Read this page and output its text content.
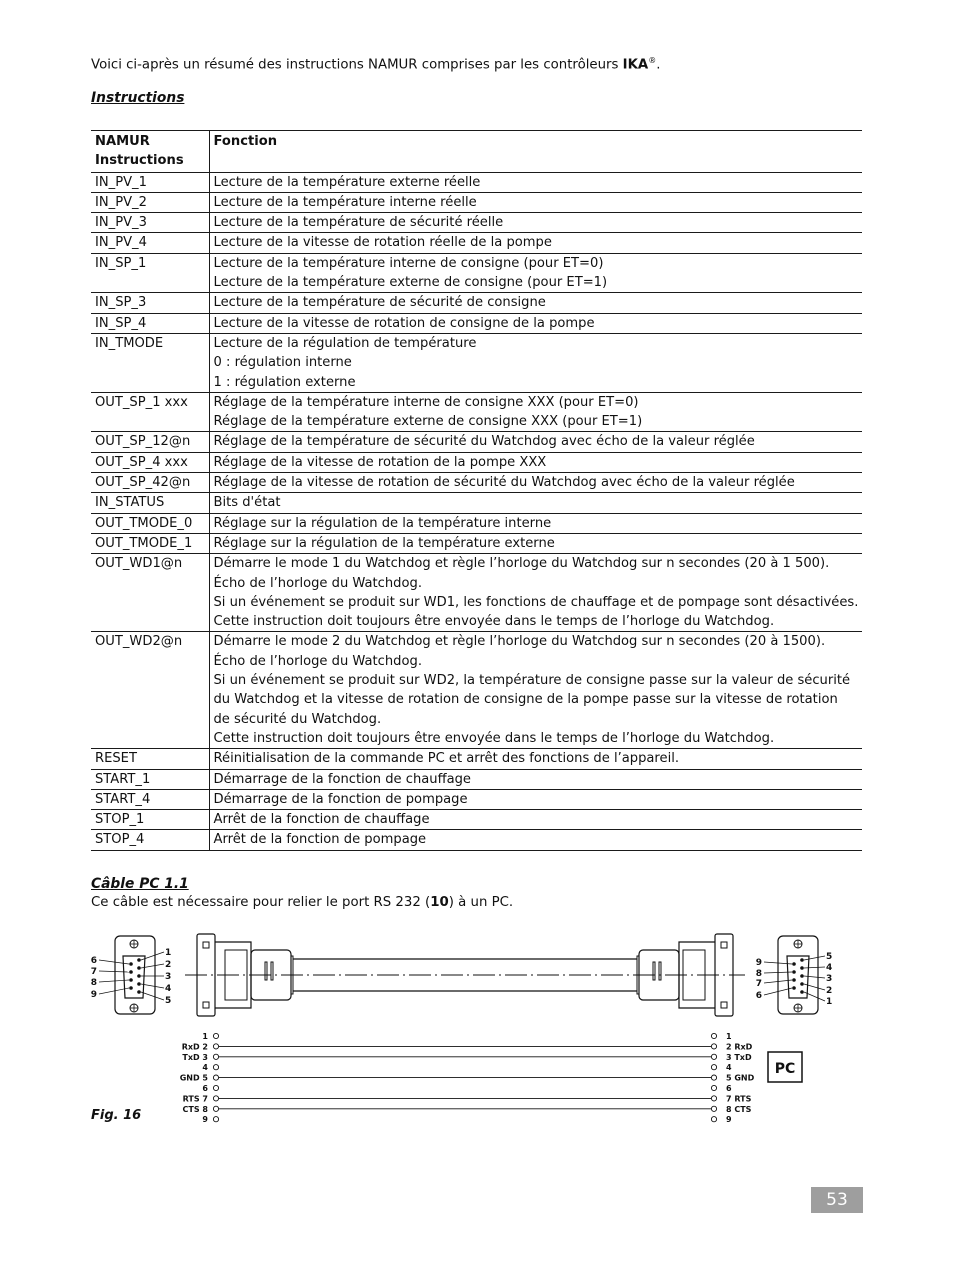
Voici ci-après un résumé des instructions NAMUR comprises par les contrôleurs IKA®.
Instructions
NAMUR
Instructions	Fonction
IN_PV_1	Lecture de la température externe réelle

IN_PV_2	Lecture de la température interne réelle

IN_PV_3	Lecture de la température de sécurité réelle

IN_PV_4	Lecture de la vitesse de rotation réelle de la pompe

IN_SP_1	Lecture de la température interne de consigne (pour ET=0)
Lecture de la température externe de consigne (pour ET=1)

IN_SP_3	Lecture de la température de sécurité de consigne

IN_SP_4	Lecture de la vitesse de rotation de consigne de la pompe

IN_TMODE	Lecture de la régulation de température
0 : régulation interne
1 : régulation externe

OUT_SP_1 xxx	Réglage de la température interne de consigne XXX (pour ET=0)
Réglage de la température externe de consigne XXX (pour ET=1)

OUT_SP_12@n	Réglage de la température de sécurité du Watchdog avec écho de la valeur réglée

OUT_SP_4 xxx	Réglage de la vitesse de rotation de la pompe XXX

OUT_SP_42@n	Réglage de la vitesse de rotation de sécurité du Watchdog avec écho de la valeur réglée

IN_STATUS	Bits d'état

OUT_TMODE_0	Réglage sur la régulation de la température interne

OUT_TMODE_1	Réglage sur la régulation de la température externe

OUT_WD1@n	Démarre le mode 1 du Watchdog et règle l’horloge du Watchdog sur n secondes (20 à 1 500).
Écho de l’horloge du Watchdog.
Si un événement se produit sur WD1, les fonctions de chauffage et de pompage sont désactivées.
Cette instruction doit toujours être envoyée dans le temps de l’horloge du Watchdog.

OUT_WD2@n	Démarre le mode 2 du Watchdog et règle l’horloge du Watchdog sur n secondes (20 à 1500).
Écho de l’horloge du Watchdog.
Si un événement se produit sur WD2, la température de consigne passe sur la valeur de sécurité du Watchdog et la vitesse de rotation de consigne de la pompe passe sur la vitesse de rotation de sécurité du Watchdog.
Cette instruction doit toujours être envoyée dans le temps de l’horloge du Watchdog.

RESET	Réinitialisation de la commande PC et arrêt des fonctions de l’appareil.

START_1	Démarrage de la fonction de chauffage

START_4	Démarrage de la fonction de pompage

STOP_1	Arrêt de la fonction de chauffage

STOP_4	Arrêt de la fonction de pompage
Câble PC 1.1
Ce câble est nécessaire pour relier le port RS 232 (10) à un PC.
6
7
8
9
1
2
3
4
5
9
8
7
6
5
4
3
2
1
1	1
RxD 2	2 RxD
TxD 3	3 TxD
4	4
GND 5	5 GND
6	6
RTS 7	7 RTS
CTS 8	8 CTS
9	9
PC
Fig. 16
53
